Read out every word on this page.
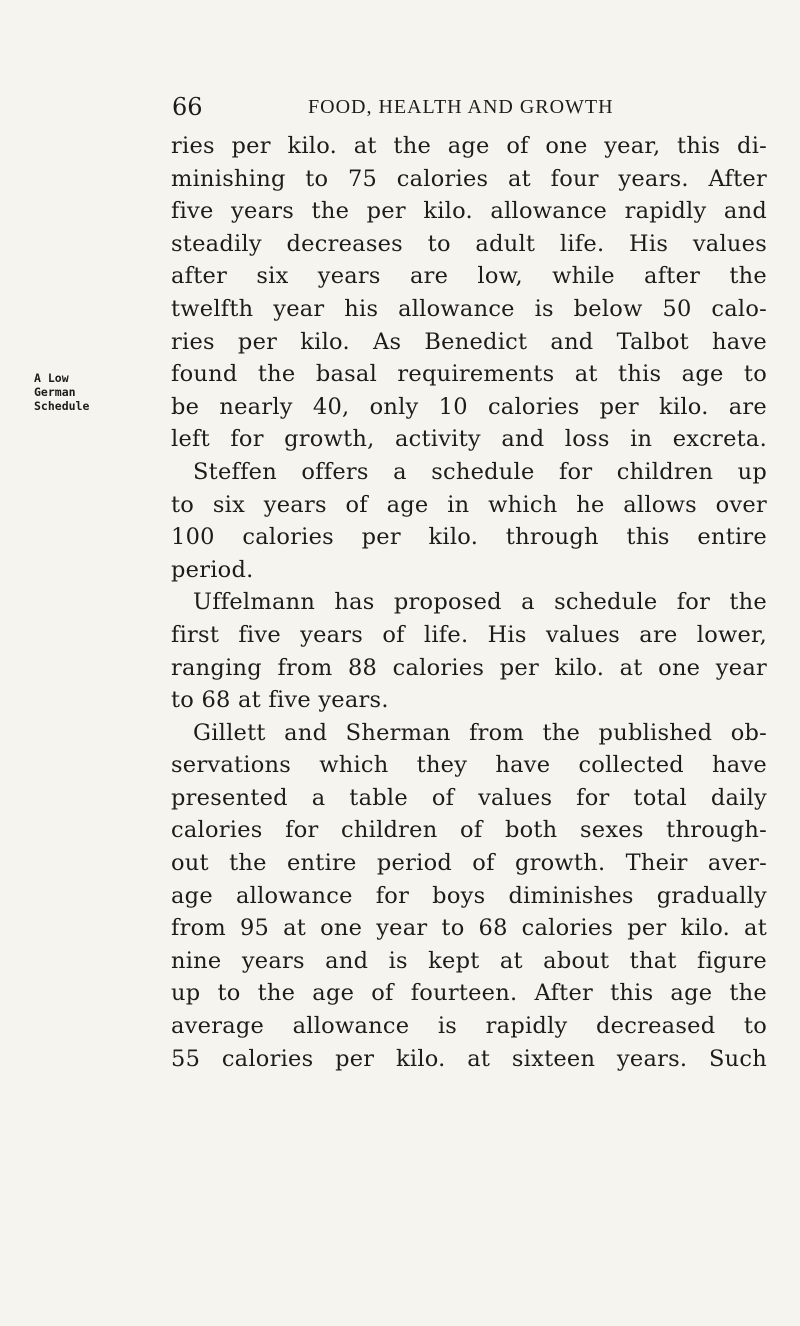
66	FOOD, HEALTH AND GROWTH
A Low
German
Schedule
ries per kilo. at the age of one year, this di-
minishing to 75 calories at four years. After
five years the per kilo. allowance rapidly and
steadily decreases to adult life. His values
after six years are low, while after the
twelfth year his allowance is below 50 calo-
ries per kilo. As Benedict and Talbot have
found the basal requirements at this age to
be nearly 40, only 10 calories per kilo. are
left for growth, activity and loss in excreta.
Steffen offers a schedule for children up
to six years of age in which he allows over
100 calories per kilo. through this entire
period.
Uffelmann has proposed a schedule for the
first five years of life. His values are lower,
ranging from 88 calories per kilo. at one year
to 68 at five years.
Gillett and Sherman from the published ob-
servations which they have collected have
presented a table of values for total daily
calories for children of both sexes through-
out the entire period of growth. Their aver-
age allowance for boys diminishes gradually
from 95 at one year to 68 calories per kilo. at
nine years and is kept at about that figure
up to the age of fourteen. After this age the
average allowance is rapidly decreased to
55 calories per kilo. at sixteen years. Such
